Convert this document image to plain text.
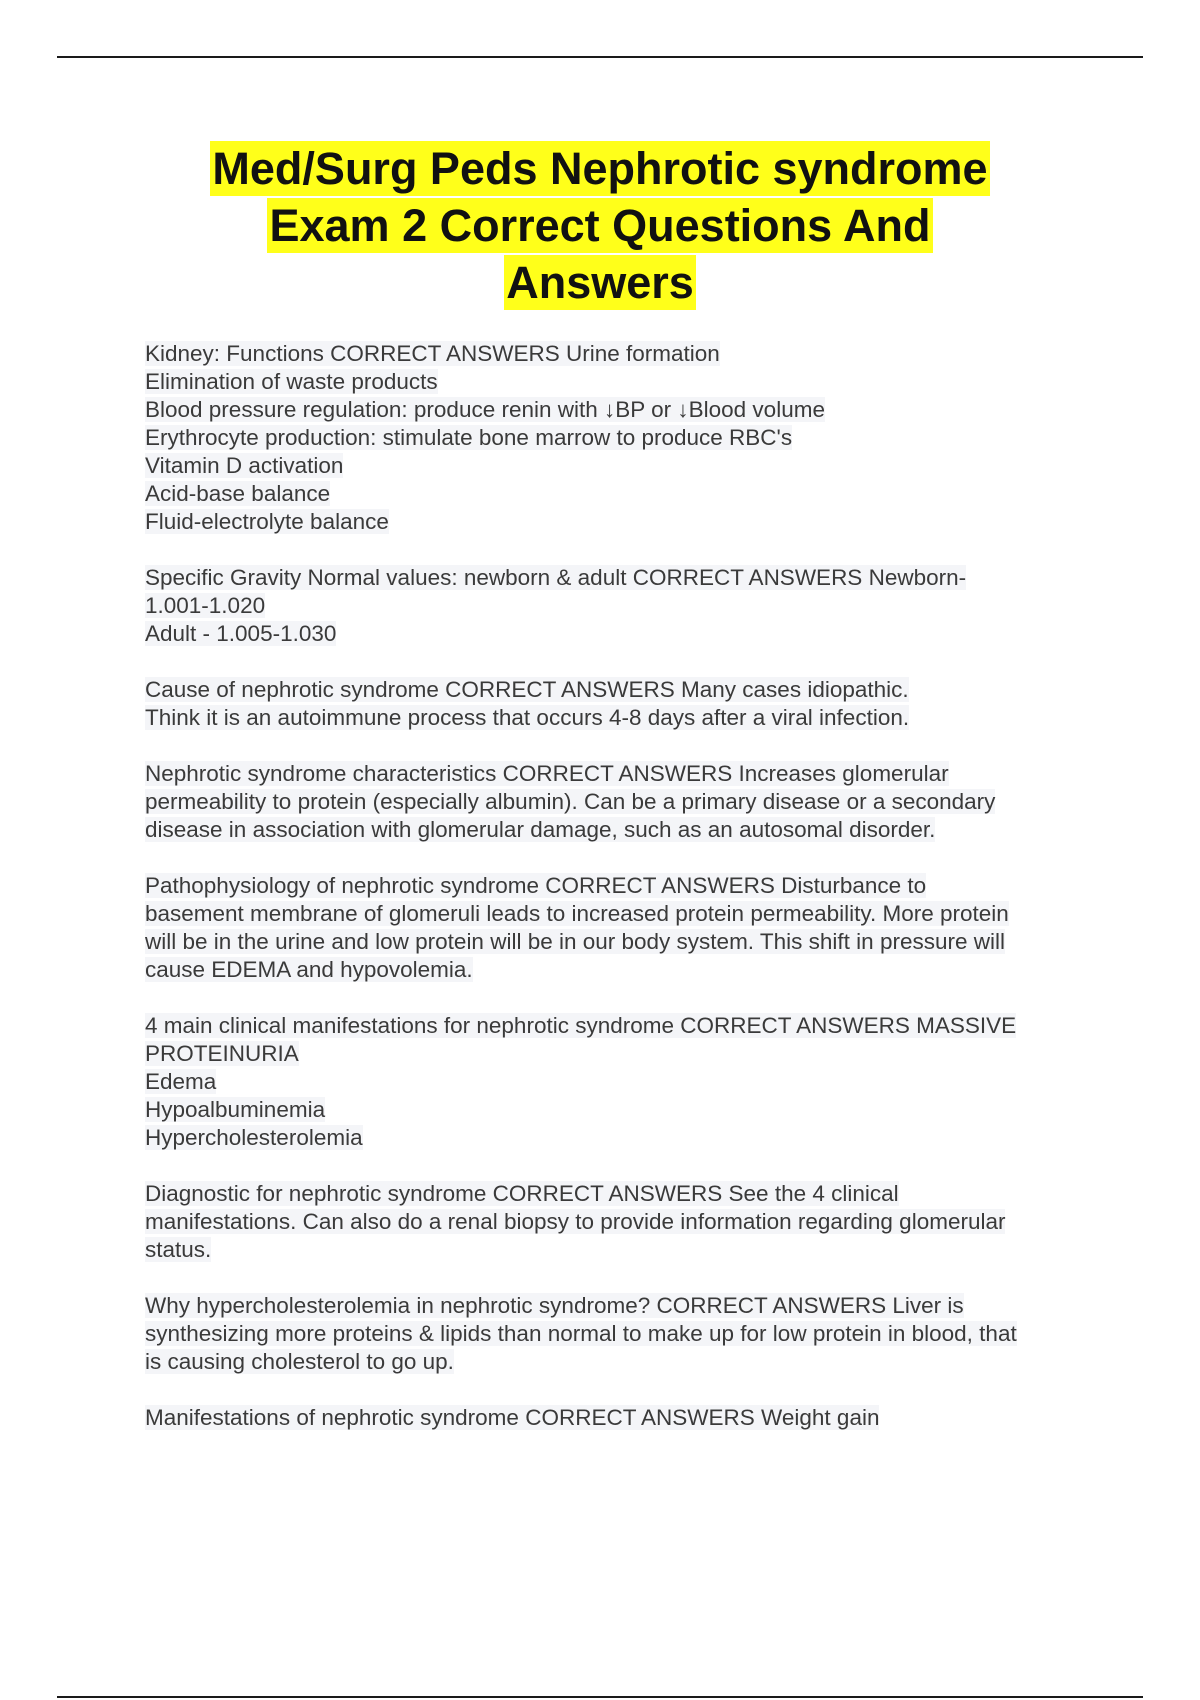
Med/Surg Peds Nephrotic syndrome
Exam 2 Correct Questions And
Answers

Kidney: Functions CORRECT ANSWERS Urine formation

Elimination of waste products

Blood pressure regulation: produce renin with ↓BP or ↓Blood volume

Erythrocyte production: stimulate bone marrow to produce RBC's

Vitamin D activation

Acid-base balance

Fluid-electrolyte balance

Specific Gravity Normal values: newborn & adult CORRECT ANSWERS Newborn-

1.001-1.020

Adult - 1.005-1.030

Cause of nephrotic syndrome CORRECT ANSWERS Many cases idiopathic.

Think it is an autoimmune process that occurs 4-8 days after a viral infection.

Nephrotic syndrome characteristics CORRECT ANSWERS Increases glomerular

permeability to protein (especially albumin). Can be a primary disease or a secondary

disease in association with glomerular damage, such as an autosomal disorder.

Pathophysiology of nephrotic syndrome CORRECT ANSWERS Disturbance to

basement membrane of glomeruli leads to increased protein permeability. More protein

will be in the urine and low protein will be in our body system. This shift in pressure will

cause EDEMA and hypovolemia.

4 main clinical manifestations for nephrotic syndrome CORRECT ANSWERS MASSIVE

PROTEINURIA

Edema

Hypoalbuminemia

Hypercholesterolemia

Diagnostic for nephrotic syndrome CORRECT ANSWERS See the 4 clinical

manifestations. Can also do a renal biopsy to provide information regarding glomerular

status.

Why hypercholesterolemia in nephrotic syndrome? CORRECT ANSWERS Liver is

synthesizing more proteins & lipids than normal to make up for low protein in blood, that

is causing cholesterol to go up.

Manifestations of nephrotic syndrome CORRECT ANSWERS Weight gain
